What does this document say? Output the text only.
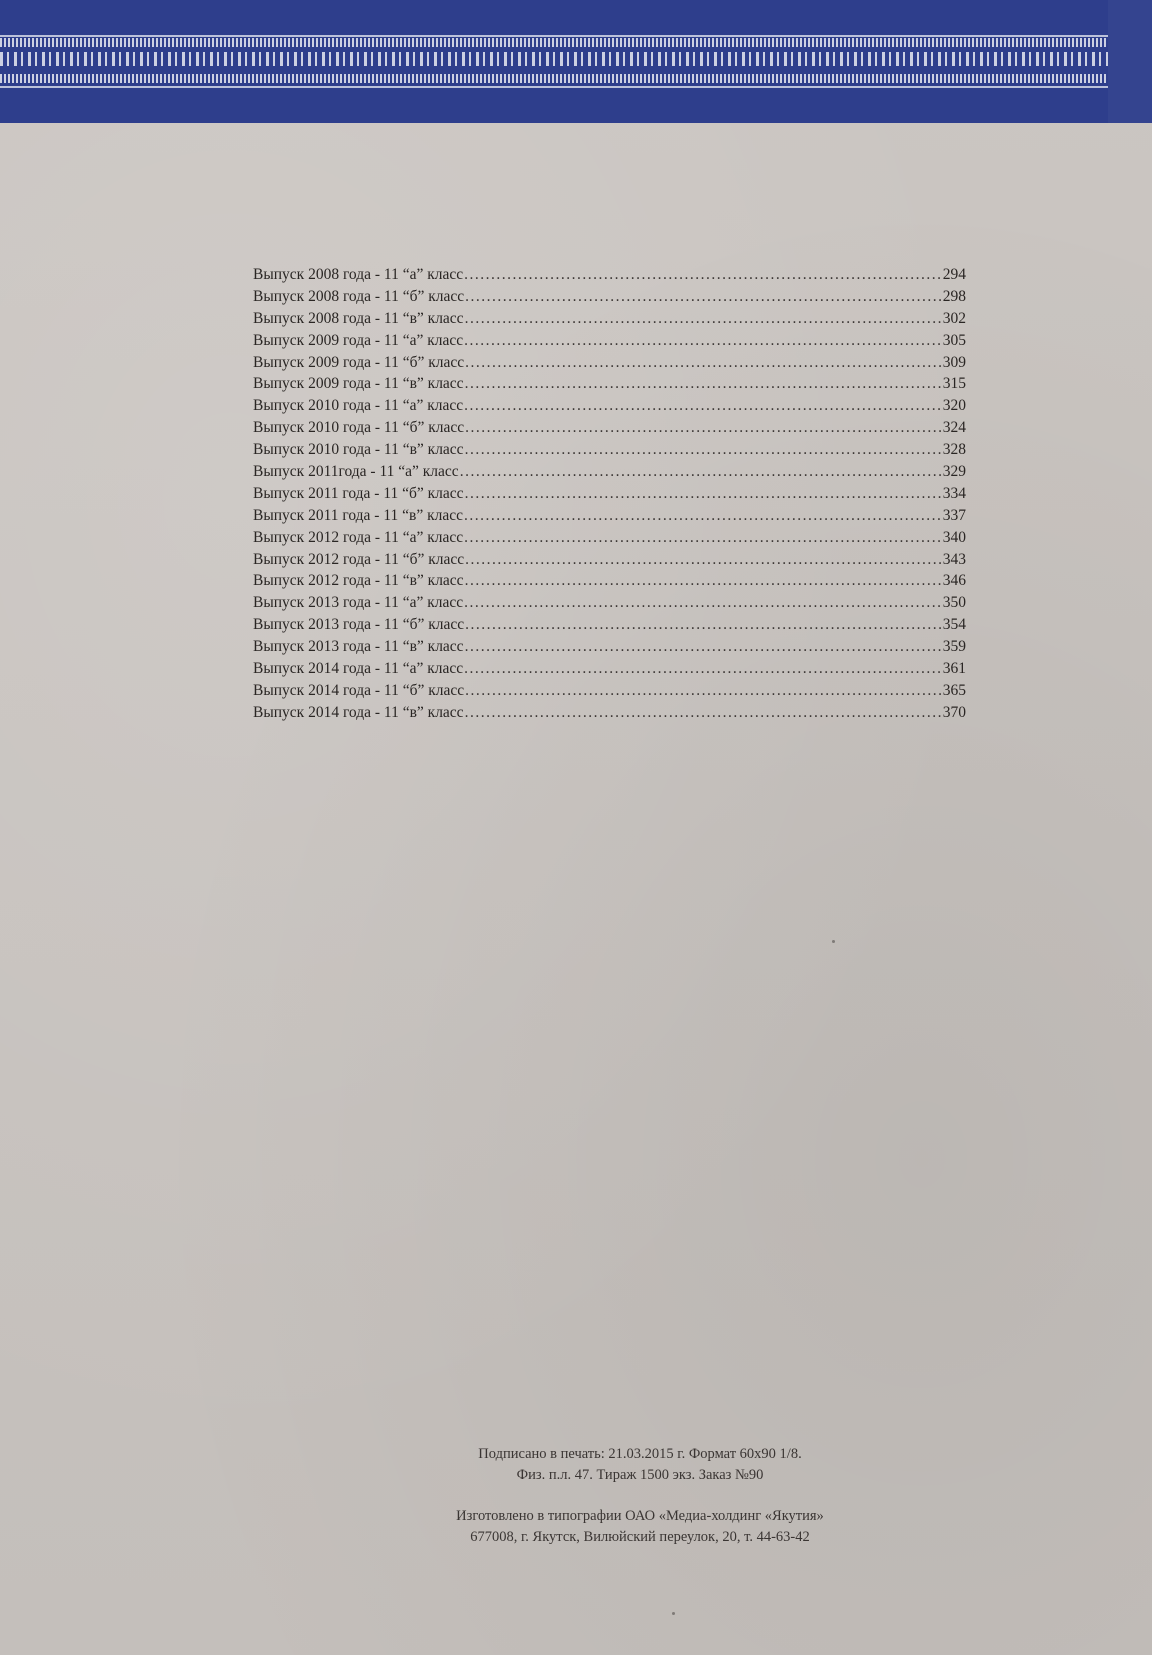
Выпуск 2008 года - 11 “а” класс .....	294
Выпуск 2008 года - 11 “б” класс .....	298
Выпуск 2008 года - 11 “в” класс .....	302
Выпуск 2009 года - 11 “а” класс .....	305
Выпуск 2009 года - 11 “б” класс .....	309
Выпуск 2009 года - 11 “в” класс .....	315
Выпуск 2010 года - 11 “а” класс .....	320
Выпуск 2010 года - 11 “б” класс .....	324
Выпуск 2010 года - 11 “в” класс .....	328
Выпуск 2011года - 11 “а” класс .....	329
Выпуск 2011 года - 11 “б” класс .....	334
Выпуск 2011 года - 11 “в” класс .....	337
Выпуск 2012 года - 11 “а” класс .....	340
Выпуск 2012 года - 11 “б” класс .....	343
Выпуск 2012 года - 11 “в” класс .....	346
Выпуск 2013 года - 11 “а” класс .....	350
Выпуск 2013 года - 11 “б” класс .....	354
Выпуск 2013 года - 11 “в” класс .....	359
Выпуск 2014 года - 11 “а” класс .....	361
Выпуск 2014 года - 11 “б” класс .....	365
Выпуск 2014 года - 11 “в” класс .....	370
Подписано в печать: 21.03.2015 г. Формат 60х90 1/8.
Физ. п.л. 47. Тираж 1500 экз. Заказ №90
Изготовлено в типографии ОАО «Медиа-холдинг «Якутия»
677008, г. Якутск, Вилюйский переулок, 20, т. 44-63-42
